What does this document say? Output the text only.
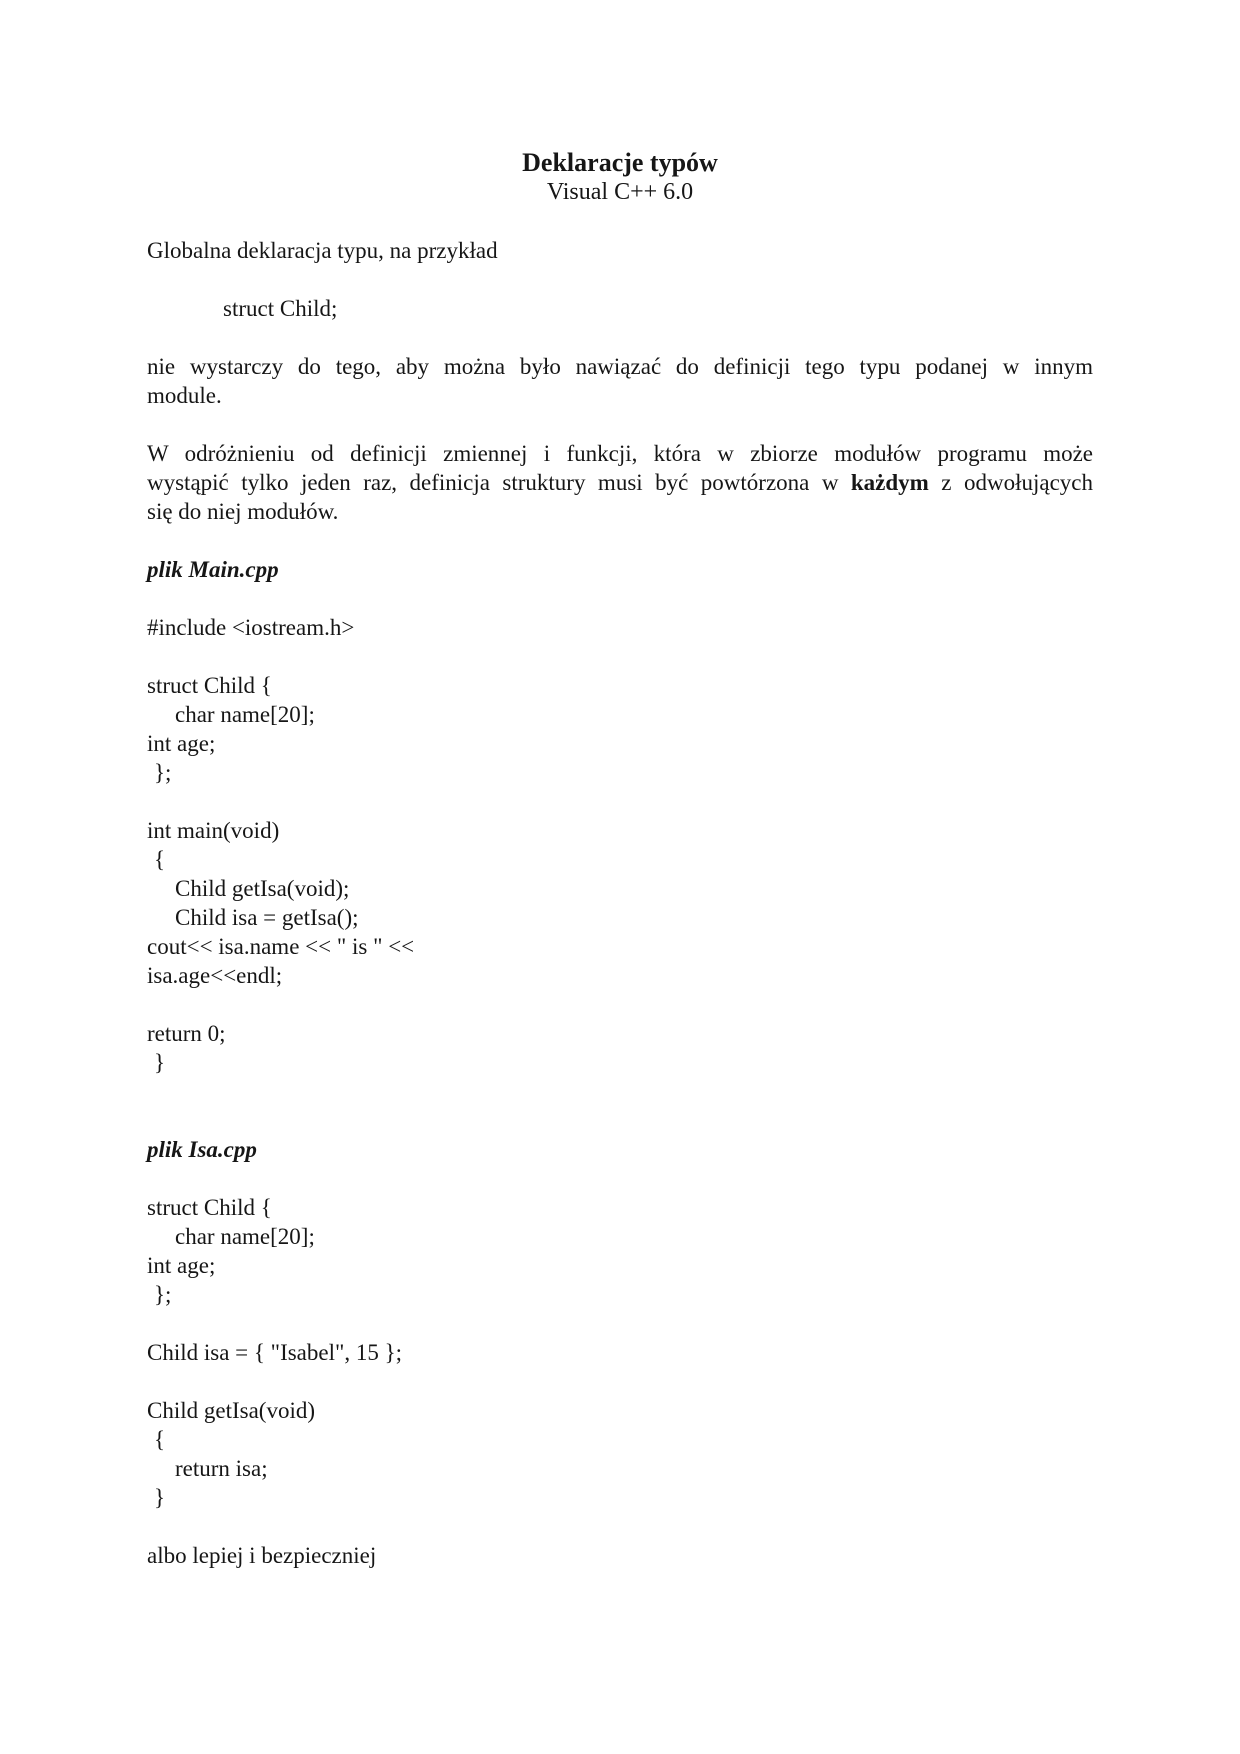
Deklaracje typów
Visual C++ 6.0
Globalna deklaracja typu, na przykład
struct Child;
nie wystarczy do tego, aby można było nawiązać do definicji tego typu podanej w innym
module.
W odróżnieniu od definicji zmiennej i funkcji, która w zbiorze modułów programu może
wystąpić tylko jeden raz, definicja struktury musi być powtórzona w każdym z odwołujących
się do niej modułów.
plik Main.cpp
#include <iostream.h>
struct Child {
char name[20];
int age;
};
int main(void)
{
Child getIsa(void);
Child isa = getIsa();
cout<< isa.name << " is " <<
isa.age<<endl;
return 0;
}
plik Isa.cpp
struct Child {
char name[20];
int age;
};
Child isa = { "Isabel", 15 };
Child getIsa(void)
{
return isa;
}
albo lepiej i bezpieczniej
